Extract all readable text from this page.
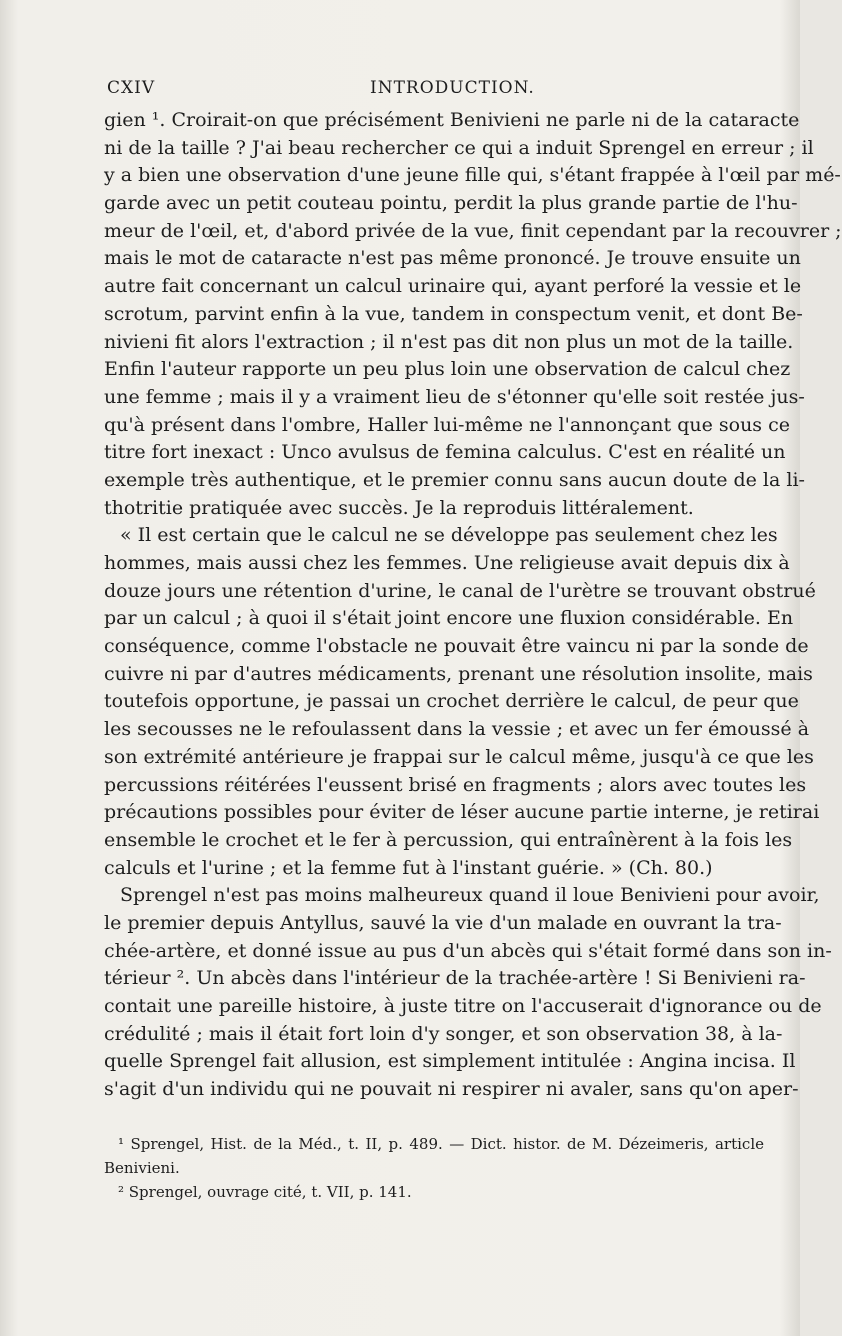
CXIV	INTRODUCTION.
gien ¹. Croirait-on que précisément Benivieni ne parle ni de la cataracte
ni de la taille ? J'ai beau rechercher ce qui a induit Sprengel en erreur ; il
y a bien une observation d'une jeune fille qui, s'étant frappée à l'œil par mé-
garde avec un petit couteau pointu, perdit la plus grande partie de l'hu-
meur de l'œil, et, d'abord privée de la vue, finit cependant par la recouvrer ;
mais le mot de cataracte n'est pas même prononcé. Je trouve ensuite un
autre fait concernant un calcul urinaire qui, ayant perforé la vessie et le
scrotum, parvint enfin à la vue, tandem in conspectum venit, et dont Be-
nivieni fit alors l'extraction ; il n'est pas dit non plus un mot de la taille.
Enfin l'auteur rapporte un peu plus loin une observation de calcul chez
une femme ; mais il y a vraiment lieu de s'étonner qu'elle soit restée jus-
qu'à présent dans l'ombre, Haller lui-même ne l'annonçant que sous ce
titre fort inexact : Unco avulsus de femina calculus. C'est en réalité un
exemple très authentique, et le premier connu sans aucun doute de la li-
thotritie pratiquée avec succès. Je la reproduis littéralement.
« Il est certain que le calcul ne se développe pas seulement chez les
hommes, mais aussi chez les femmes. Une religieuse avait depuis dix à
douze jours une rétention d'urine, le canal de l'urètre se trouvant obstrué
par un calcul ; à quoi il s'était joint encore une fluxion considérable. En
conséquence, comme l'obstacle ne pouvait être vaincu ni par la sonde de
cuivre ni par d'autres médicaments, prenant une résolution insolite, mais
toutefois opportune, je passai un crochet derrière le calcul, de peur que
les secousses ne le refoulassent dans la vessie ; et avec un fer émoussé à
son extrémité antérieure je frappai sur le calcul même, jusqu'à ce que les
percussions réitérées l'eussent brisé en fragments ; alors avec toutes les
précautions possibles pour éviter de léser aucune partie interne, je retirai
ensemble le crochet et le fer à percussion, qui entraînèrent à la fois les
calculs et l'urine ; et la femme fut à l'instant guérie. » (Ch. 80.)
Sprengel n'est pas moins malheureux quand il loue Benivieni pour avoir,
le premier depuis Antyllus, sauvé la vie d'un malade en ouvrant la tra-
chée-artère, et donné issue au pus d'un abcès qui s'était formé dans son in-
térieur ². Un abcès dans l'intérieur de la trachée-artère ! Si Benivieni ra-
contait une pareille histoire, à juste titre on l'accuserait d'ignorance ou de
crédulité ; mais il était fort loin d'y songer, et son observation 38, à la-
quelle Sprengel fait allusion, est simplement intitulée : Angina incisa. Il
s'agit d'un individu qui ne pouvait ni respirer ni avaler, sans qu'on aper-
¹ Sprengel, Hist. de la Méd., t. II, p. 489. — Dict. histor. de M. Dézeimeris, article
Benivieni.
² Sprengel, ouvrage cité, t. VII, p. 141.
